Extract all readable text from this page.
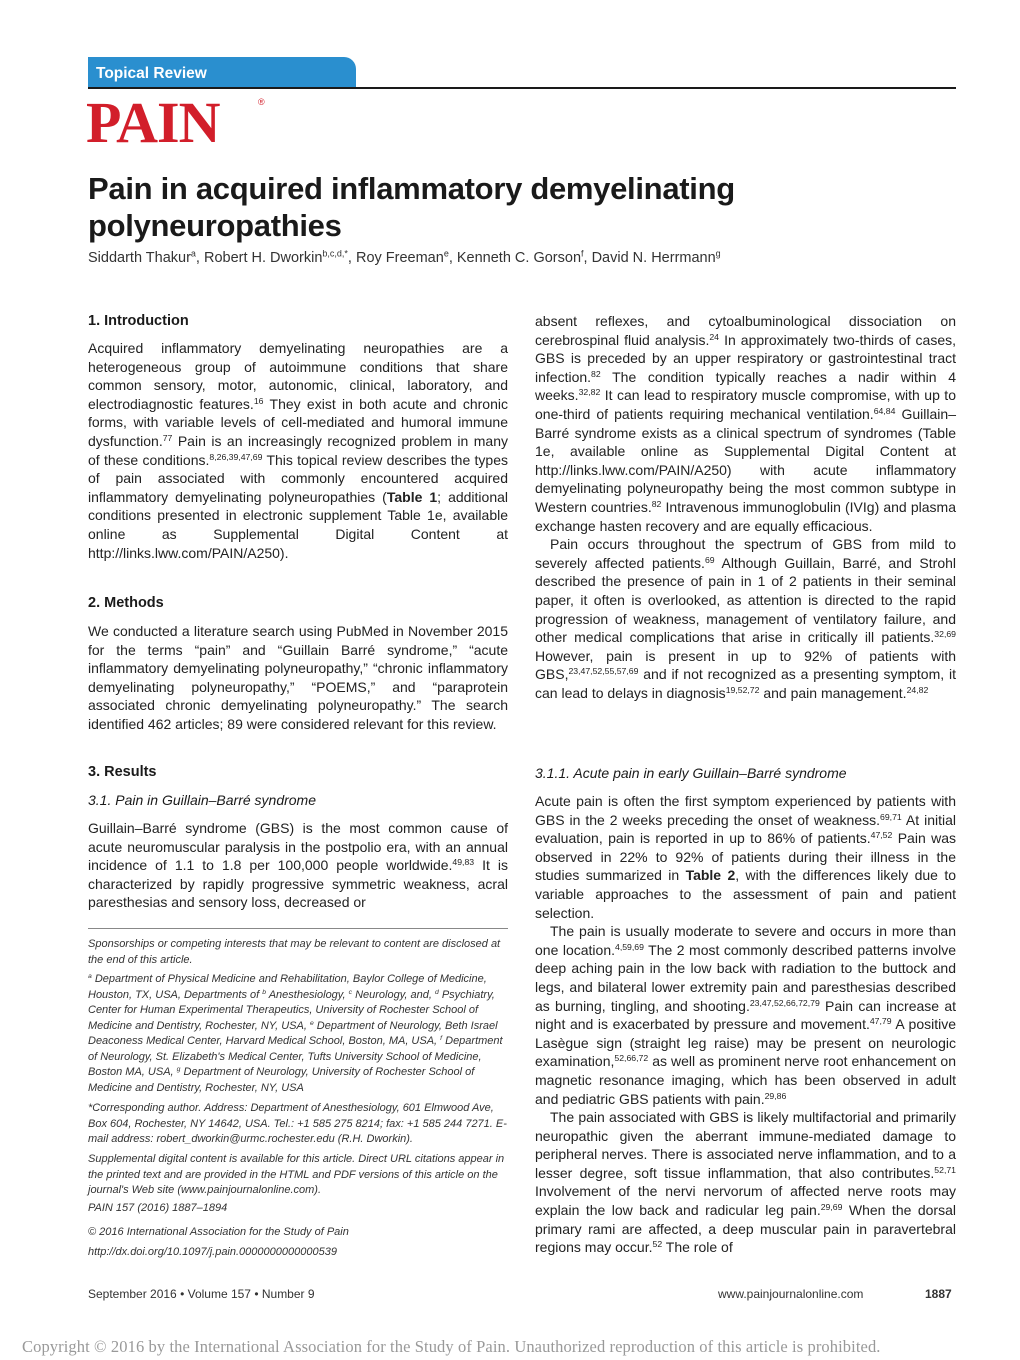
Topical Review
PAIN	®
Pain in acquired inflammatory demyelinating polyneuropathies
Siddarth Thakur$^a$, Robert H. Dworkin$^{b,c,d,*}$, Roy Freeman$^e$, Kenneth C. Gorson$^f$, David N. Herrmann$^g$
1. Introduction

Acquired inflammatory demyelinating neuropathies are a heterogeneous group of autoimmune conditions that share common sensory, motor, autonomic, clinical, laboratory, and electrodiagnostic features.$^{16}$ They exist in both acute and chronic forms, with variable levels of cell-mediated and humoral immune dysfunction.$^{77}$ Pain is an increasingly recognized problem in many of these conditions.$^{8,26,39,47,69}$ This topical review describes the types of pain associated with commonly encountered acquired inflammatory demyelinating polyneuropathies (Table 1; additional conditions presented in electronic supplement Table 1e, available online as Supplemental Digital Content at http://links.lww.com/PAIN/A250).

2. Methods

We conducted a literature search using PubMed in November 2015 for the terms “pain” and “Guillain Barré syndrome,” “acute inflammatory demyelinating polyneuropathy,” “chronic inflammatory demyelinating polyneuropathy,” “POEMS,” and “paraprotein associated chronic demyelinating polyneuropathy.” The search identified 462 articles; 89 were considered relevant for this review.

3. Results
3.1. Pain in Guillain–Barré syndrome

Guillain–Barré syndrome (GBS) is the most common cause of acute neuromuscular paralysis in the postpolio era, with an annual incidence of 1.1 to 1.8 per 100,000 people worldwide.$^{49,83}$ It is characterized by rapidly progressive symmetric weakness, acral paresthesias and sensory loss, decreased or

Sponsorships or competing interests that may be relevant to content are disclosed at the end of this article.
$^a$ Department of Physical Medicine and Rehabilitation, Baylor College of Medicine, Houston, TX, USA, Departments of $^b$ Anesthesiology, $^c$ Neurology, and, $^d$ Psychiatry, Center for Human Experimental Therapeutics, University of Rochester School of Medicine and Dentistry, Rochester, NY, USA, $^e$ Department of Neurology, Beth Israel Deaconess Medical Center, Harvard Medical School, Boston, MA, USA, $^f$ Department of Neurology, St. Elizabeth's Medical Center, Tufts University School of Medicine, Boston MA, USA, $^g$ Department of Neurology, University of Rochester School of Medicine and Dentistry, Rochester, NY, USA
*Corresponding author. Address: Department of Anesthesiology, 601 Elmwood Ave, Box 604, Rochester, NY 14642, USA. Tel.: +1 585 275 8214; fax: +1 585 244 7271. E-mail address: robert_dworkin@urmc.rochester.edu (R.H. Dworkin).
Supplemental digital content is available for this article. Direct URL citations appear in the printed text and are provided in the HTML and PDF versions of this article on the journal's Web site (www.painjournalonline.com).
PAIN 157 (2016) 1887–1894
© 2016 International Association for the Study of Pain
http://dx.doi.org/10.1097/j.pain.0000000000000539

absent reflexes, and cytoalbuminological dissociation on cerebrospinal fluid analysis.$^{24}$ In approximately two-thirds of cases, GBS is preceded by an upper respiratory or gastrointestinal tract infection.$^{82}$ The condition typically reaches a nadir within 4 weeks.$^{32,82}$ It can lead to respiratory muscle compromise, with up to one-third of patients requiring mechanical ventilation.$^{64,84}$ Guillain–Barré syndrome exists as a clinical spectrum of syndromes (Table 1e, available online as Supplemental Digital Content at http://links.lww.com/PAIN/A250) with acute inflammatory demyelinating polyneuropathy being the most common subtype in Western countries.$^{82}$ Intravenous immunoglobulin (IVIg) and plasma exchange hasten recovery and are equally efficacious.

Pain occurs throughout the spectrum of GBS from mild to severely affected patients.$^{69}$ Although Guillain, Barré, and Strohl described the presence of pain in 1 of 2 patients in their seminal paper, it often is overlooked, as attention is directed to the rapid progression of weakness, management of ventilatory failure, and other medical complications that arise in critically ill patients.$^{32,69}$ However, pain is present in up to 92% of patients with GBS,$^{23,47,52,55,57,69}$ and if not recognized as a presenting symptom, it can lead to delays in diagnosis$^{19,52,72}$ and pain management.$^{24,82}$

3.1.1. Acute pain in early Guillain–Barré syndrome

Acute pain is often the first symptom experienced by patients with GBS in the 2 weeks preceding the onset of weakness.$^{69,71}$ At initial evaluation, pain is reported in up to 86% of patients.$^{47,52}$ Pain was observed in 22% to 92% of patients during their illness in the studies summarized in Table 2, with the differences likely due to variable approaches to the assessment of pain and patient selection.

The pain is usually moderate to severe and occurs in more than one location.$^{4,59,69}$ The 2 most commonly described patterns involve deep aching pain in the low back with radiation to the buttock and legs, and bilateral lower extremity pain and paresthesias described as burning, tingling, and shooting.$^{23,47,52,66,72,79}$ Pain can increase at night and is exacerbated by pressure and movement.$^{47,79}$ A positive Lasègue sign (straight leg raise) may be present on neurologic examination,$^{52,66,72}$ as well as prominent nerve root enhancement on magnetic resonance imaging, which has been observed in adult and pediatric GBS patients with pain.$^{29,86}$

The pain associated with GBS is likely multifactorial and primarily neuropathic given the aberrant immune-mediated damage to peripheral nerves. There is associated nerve inflammation, and to a lesser degree, soft tissue inflammation, that also contributes.$^{52,71}$ Involvement of the nervi nervorum of affected nerve roots may explain the low back and radicular leg pain.$^{29,69}$ When the dorsal primary rami are affected, a deep muscular pain in paravertebral regions may occur.$^{52}$ The role of

September 2016 • Volume 157 • Number 9	www.painjournalonline.com	1887
Copyright © 2016 by the International Association for the Study of Pain. Unauthorized reproduction of this article is prohibited.
